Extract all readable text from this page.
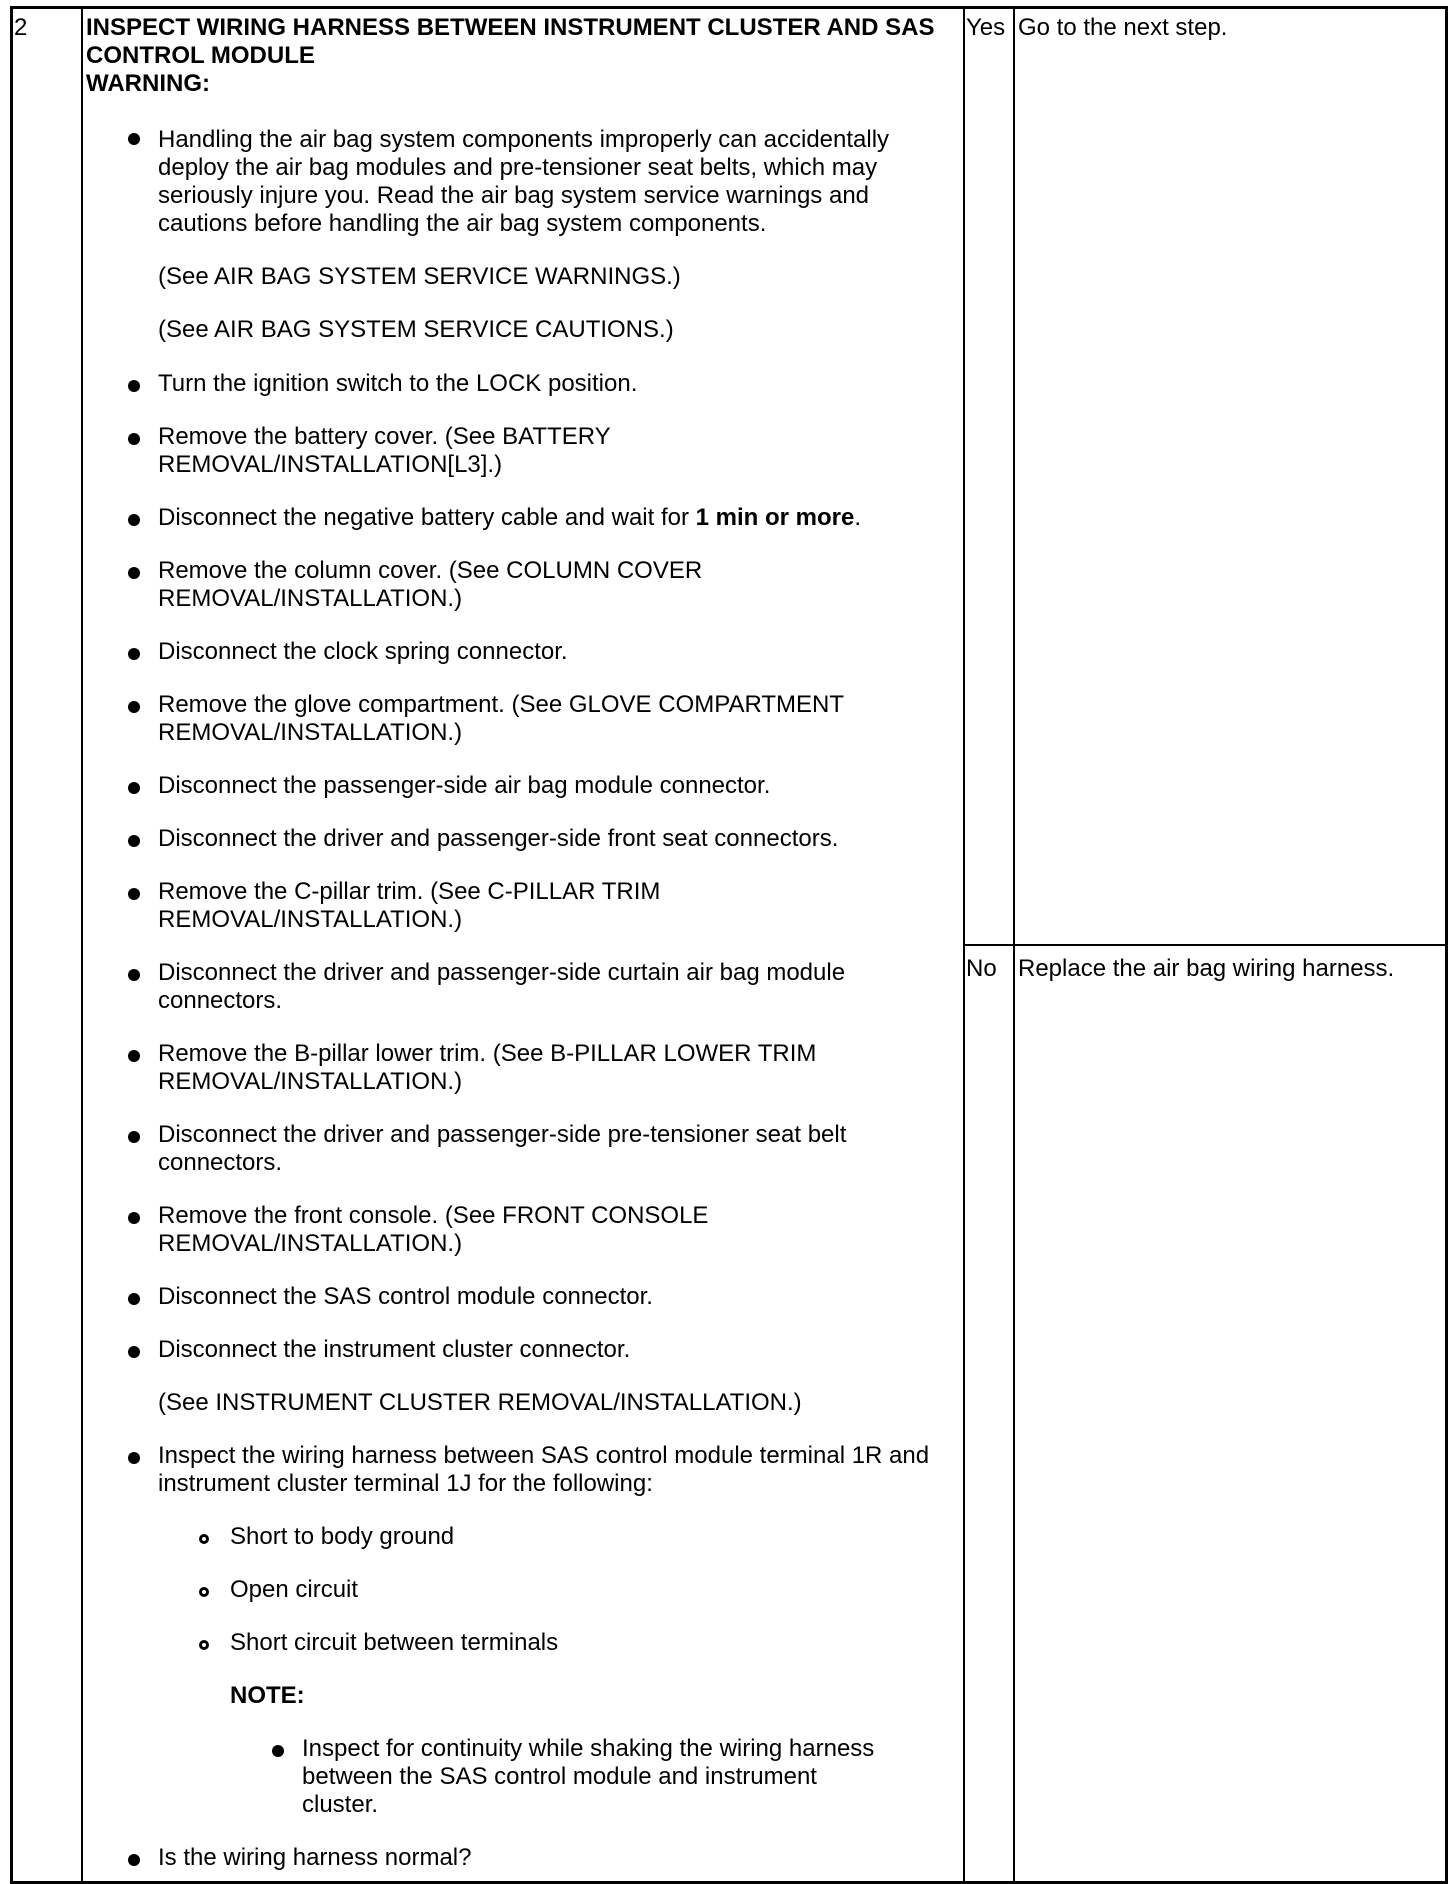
2 INSPECT WIRING HARNESS BETWEEN INSTRUMENT CLUSTER AND SAS
CONTROL MODULE
WARNING:
Handling the air bag system components improperly can accidentally
deploy the air bag modules and pre-tensioner seat belts, which may
seriously injure you. Read the air bag system service warnings and
cautions before handling the air bag system components.
(See AIR BAG SYSTEM SERVICE WARNINGS.)
(See AIR BAG SYSTEM SERVICE CAUTIONS.)
Turn the ignition switch to the LOCK position.
Remove the battery cover. (See BATTERY
REMOVAL/INSTALLATION[L3].)
Disconnect the negative battery cable and wait for 1 min or more.
Remove the column cover. (See COLUMN COVER
REMOVAL/INSTALLATION.)
Disconnect the clock spring connector.
Remove the glove compartment. (See GLOVE COMPARTMENT
REMOVAL/INSTALLATION.)
Disconnect the passenger-side air bag module connector.
Disconnect the driver and passenger-side front seat connectors.
Remove the C-pillar trim. (See C-PILLAR TRIM
REMOVAL/INSTALLATION.)
Disconnect the driver and passenger-side curtain air bag module
connectors.
Remove the B-pillar lower trim. (See B-PILLAR LOWER TRIM
REMOVAL/INSTALLATION.)
Disconnect the driver and passenger-side pre-tensioner seat belt
connectors.
Remove the front console. (See FRONT CONSOLE
REMOVAL/INSTALLATION.)
Disconnect the SAS control module connector.
Disconnect the instrument cluster connector.
(See INSTRUMENT CLUSTER REMOVAL/INSTALLATION.)
Inspect the wiring harness between SAS control module terminal 1R and
instrument cluster terminal 1J for the following:
Short to body ground
Open circuit
Short circuit between terminals
NOTE:
Inspect for continuity while shaking the wiring harness
between the SAS control module and instrument
cluster.
Is the wiring harness normal?
Yes Go to the next step.
No Replace the air bag wiring harness.
